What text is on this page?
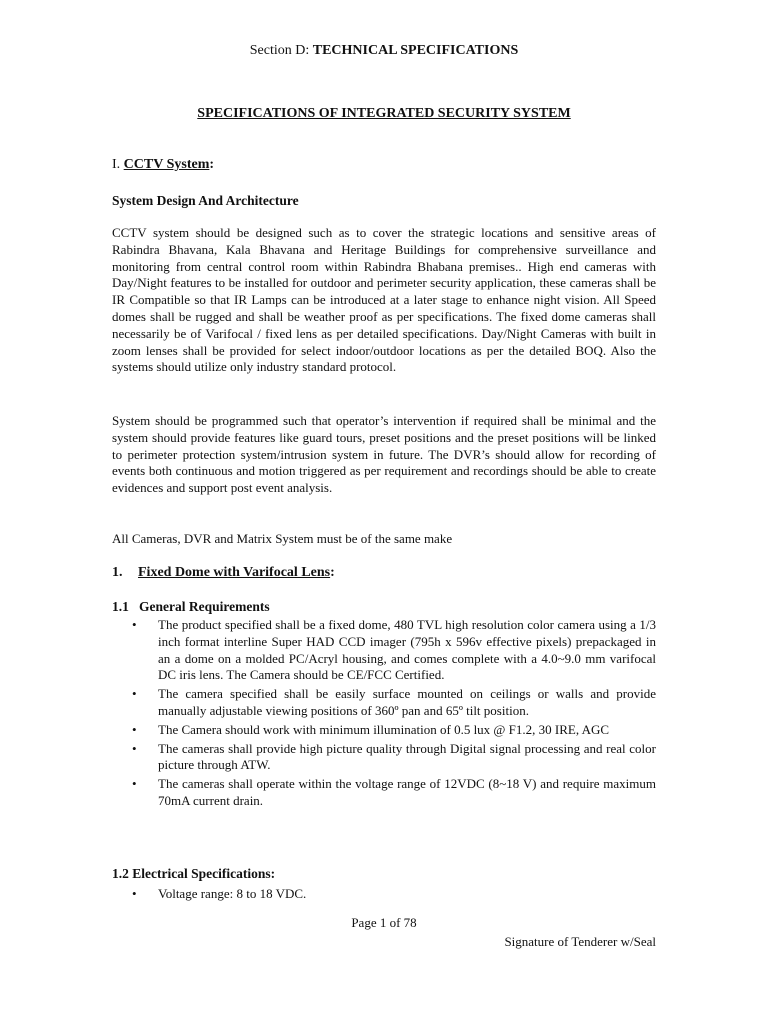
Section D: TECHNICAL SPECIFICATIONS
SPECIFICATIONS OF INTEGRATED SECURITY SYSTEM
I. CCTV System:
System Design And Architecture

CCTV system should be designed such as to cover the strategic locations and sensitive areas of Rabindra Bhavana, Kala Bhavana and Heritage Buildings for comprehensive surveillance and monitoring from central control room within Rabindra Bhabana premises.. High end cameras with Day/Night features to be installed for outdoor and perimeter security application, these cameras shall be IR Compatible so that IR Lamps can be introduced at a later stage to enhance night vision. All Speed domes shall be rugged and shall be weather proof as per specifications. The fixed dome cameras shall necessarily be of Varifocal / fixed lens as per detailed specifications. Day/Night Cameras with built in zoom lenses shall be provided for select indoor/outdoor locations as per the detailed BOQ. Also the systems should utilize only industry standard protocol.

System should be programmed such that operator’s intervention if required shall be minimal and the system should provide features like guard tours, preset positions and the preset positions will be linked to perimeter protection system/intrusion system in future. The DVR’s should allow for recording of events both continuous and motion triggered as per requirement and recordings should be able to create evidences and support post event analysis.

All Cameras, DVR and Matrix System must be of the same make
1. Fixed Dome with Varifocal Lens:
1.1   General Requirements
• The product specified shall be a fixed dome, 480 TVL high resolution color camera using a 1/3 inch format interline Super HAD CCD imager (795h x 596v effective pixels) prepackaged in an a dome on a molded PC/Acryl housing, and comes complete with a 4.0~9.0 mm varifocal DC iris lens. The Camera should be CE/FCC Certified.
• The camera specified shall be easily surface mounted on ceilings or walls and provide manually adjustable viewing positions of 360º pan and 65º tilt position.
• The Camera should work with minimum illumination of 0.5 lux @ F1.2, 30 IRE, AGC
• The cameras shall provide high picture quality through Digital signal processing and real color picture through ATW.
• The cameras shall operate within the voltage range of 12VDC (8~18 V) and require maximum 70mA current drain.
1.2 Electrical Specifications:
• Voltage range: 8 to 18 VDC.
Page 1 of 78
Signature of Tenderer w/Seal
